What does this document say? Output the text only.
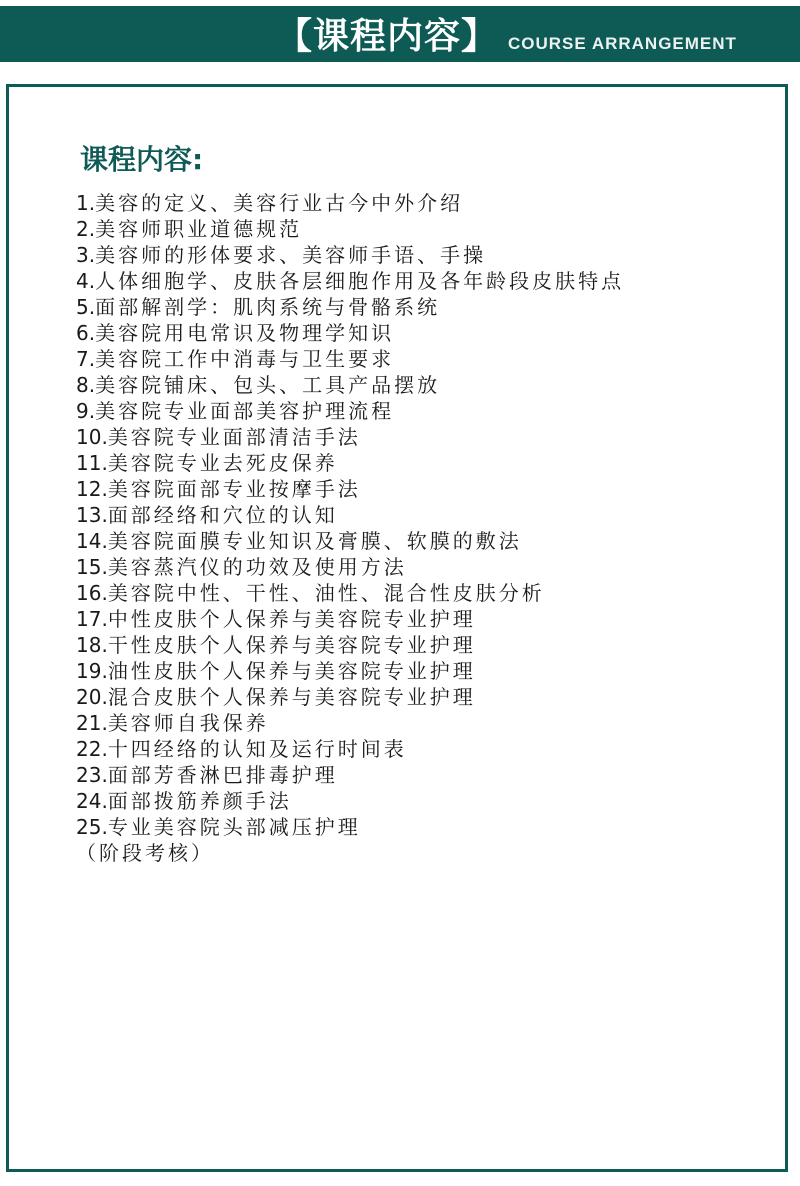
【课程内容】 COURSE ARRANGEMENT
课程内容:
1.美容的定义、美容行业古今中外介绍
2.美容师职业道德规范
3.美容师的形体要求、美容师手语、手操
4.人体细胞学、皮肤各层细胞作用及各年龄段皮肤特点
5.面部解剖学：肌肉系统与骨骼系统
6.美容院用电常识及物理学知识
7.美容院工作中消毒与卫生要求
8.美容院铺床、包头、工具产品摆放
9.美容院专业面部美容护理流程
10.美容院专业面部清洁手法
11.美容院专业去死皮保养
12.美容院面部专业按摩手法
13.面部经络和穴位的认知
14.美容院面膜专业知识及膏膜、软膜的敷法
15.美容蒸汽仪的功效及使用方法
16.美容院中性、干性、油性、混合性皮肤分析
17.中性皮肤个人保养与美容院专业护理
18.干性皮肤个人保养与美容院专业护理
19.油性皮肤个人保养与美容院专业护理
20.混合皮肤个人保养与美容院专业护理
21.美容师自我保养
22.十四经络的认知及运行时间表
23.面部芳香淋巴排毒护理
24.面部拨筋养颜手法
25.专业美容院头部减压护理
（阶段考核）
